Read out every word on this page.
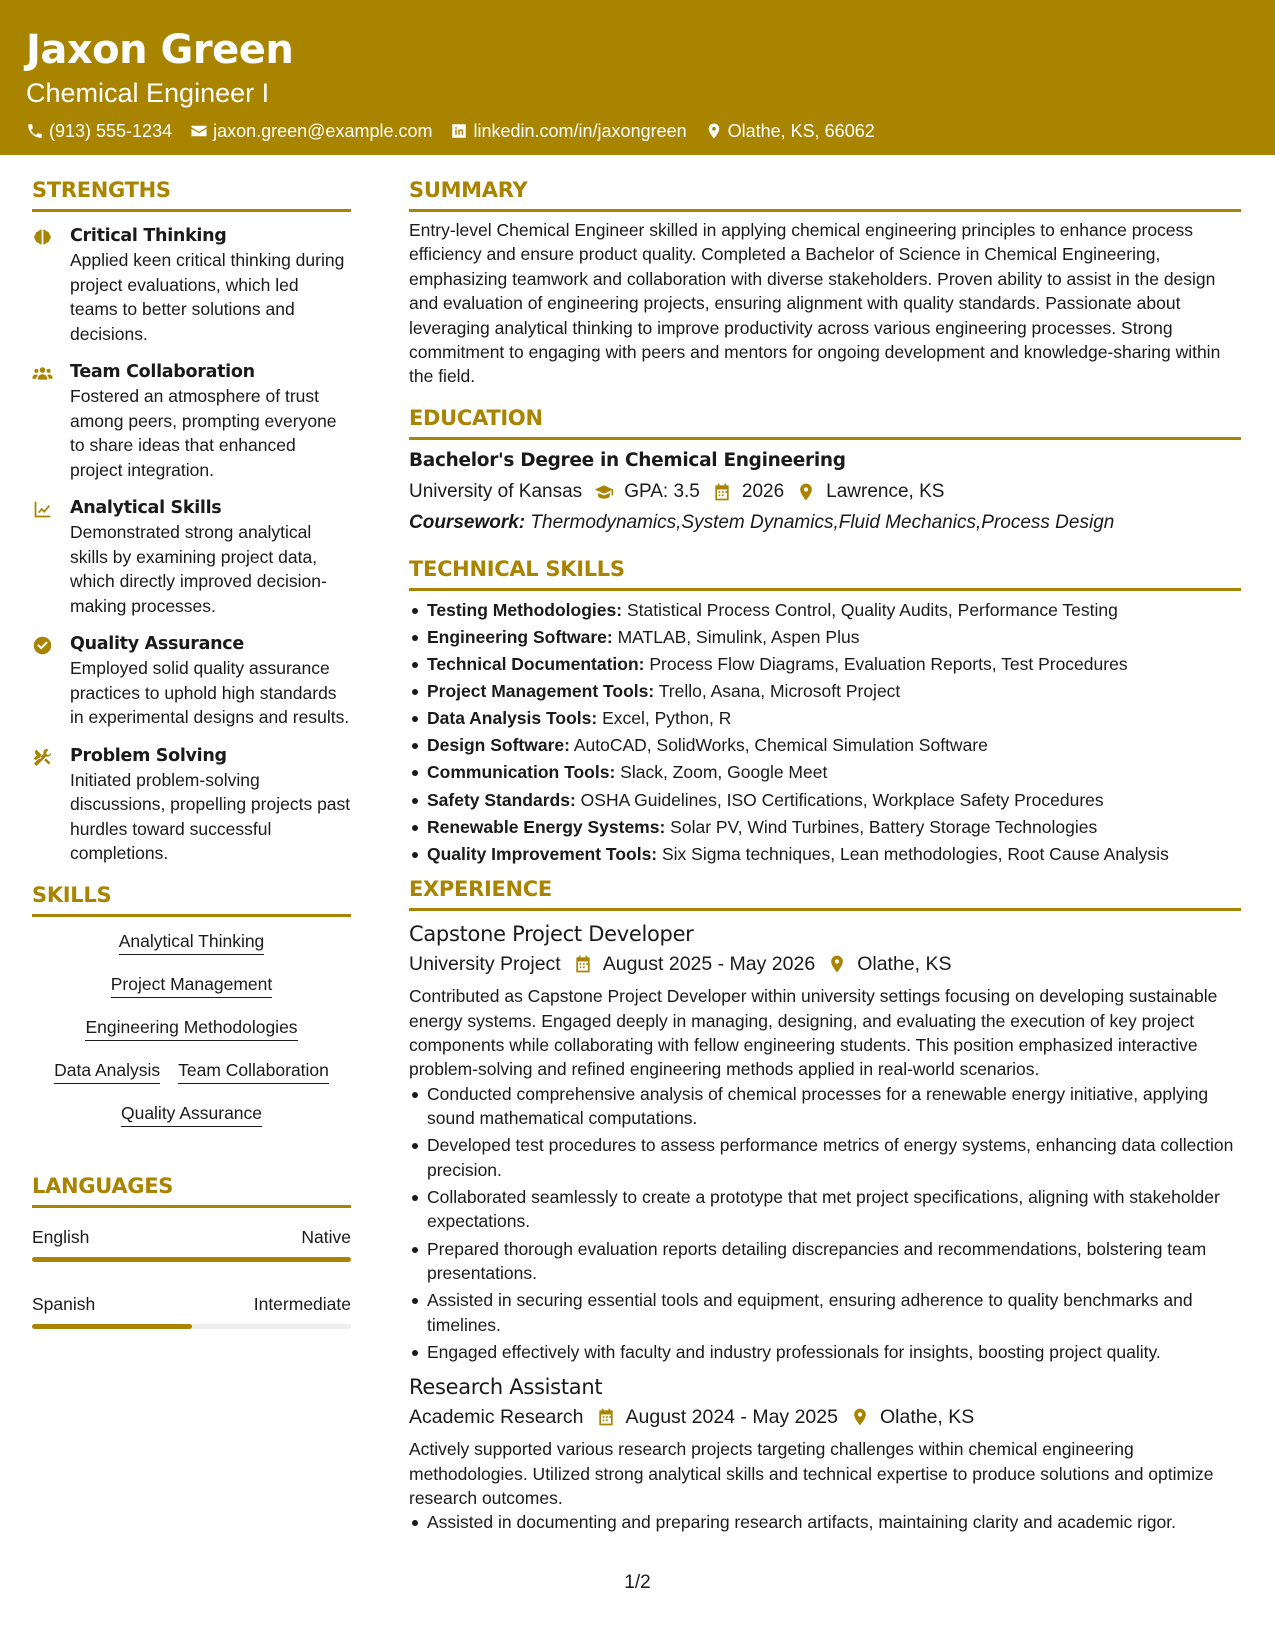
Jaxon Green
Chemical Engineer I
(913) 555-1234 jaxon.green@example.com linkedin.com/in/jaxongreen Olathe, KS, 66062
STRENGTHS
Critical Thinking
Applied keen critical thinking during project evaluations, which led teams to better solutions and decisions.
Team Collaboration
Fostered an atmosphere of trust among peers, prompting everyone to share ideas that enhanced project integration.
Analytical Skills
Demonstrated strong analytical skills by examining project data, which directly improved decision-making processes.
Quality Assurance
Employed solid quality assurance practices to uphold high standards in experimental designs and results.
Problem Solving
Initiated problem-solving discussions, propelling projects past hurdles toward successful completions.
SKILLS
Analytical Thinking
Project Management
Engineering Methodologies
Data Analysis Team Collaboration
Quality Assurance
LANGUAGES
English	Native
Spanish	Intermediate
SUMMARY
Entry-level Chemical Engineer skilled in applying chemical engineering principles to enhance process efficiency and ensure product quality. Completed a Bachelor of Science in Chemical Engineering, emphasizing teamwork and collaboration with diverse stakeholders. Proven ability to assist in the design and evaluation of engineering projects, ensuring alignment with quality standards. Passionate about leveraging analytical thinking to improve productivity across various engineering processes. Strong commitment to engaging with peers and mentors for ongoing development and knowledge-sharing within the field.
EDUCATION
Bachelor's Degree in Chemical Engineering
University of Kansas GPA: 3.5 2026 Lawrence, KS
Coursework: Thermodynamics,System Dynamics,Fluid Mechanics,Process Design
TECHNICAL SKILLS
Testing Methodologies: Statistical Process Control, Quality Audits, Performance Testing
Engineering Software: MATLAB, Simulink, Aspen Plus
Technical Documentation: Process Flow Diagrams, Evaluation Reports, Test Procedures
Project Management Tools: Trello, Asana, Microsoft Project
Data Analysis Tools: Excel, Python, R
Design Software: AutoCAD, SolidWorks, Chemical Simulation Software
Communication Tools: Slack, Zoom, Google Meet
Safety Standards: OSHA Guidelines, ISO Certifications, Workplace Safety Procedures
Renewable Energy Systems: Solar PV, Wind Turbines, Battery Storage Technologies
Quality Improvement Tools: Six Sigma techniques, Lean methodologies, Root Cause Analysis
EXPERIENCE
Capstone Project Developer
University Project August 2025 - May 2026 Olathe, KS
Contributed as Capstone Project Developer within university settings focusing on developing sustainable energy systems. Engaged deeply in managing, designing, and evaluating the execution of key project components while collaborating with fellow engineering students. This position emphasized interactive problem-solving and refined engineering methods applied in real-world scenarios.
Conducted comprehensive analysis of chemical processes for a renewable energy initiative, applying sound mathematical computations.
Developed test procedures to assess performance metrics of energy systems, enhancing data collection precision.
Collaborated seamlessly to create a prototype that met project specifications, aligning with stakeholder expectations.
Prepared thorough evaluation reports detailing discrepancies and recommendations, bolstering team presentations.
Assisted in securing essential tools and equipment, ensuring adherence to quality benchmarks and timelines.
Engaged effectively with faculty and industry professionals for insights, boosting project quality.
Research Assistant
Academic Research August 2024 - May 2025 Olathe, KS
Actively supported various research projects targeting challenges within chemical engineering methodologies. Utilized strong analytical skills and technical expertise to produce solutions and optimize research outcomes.
Assisted in documenting and preparing research artifacts, maintaining clarity and academic rigor.
1/2
